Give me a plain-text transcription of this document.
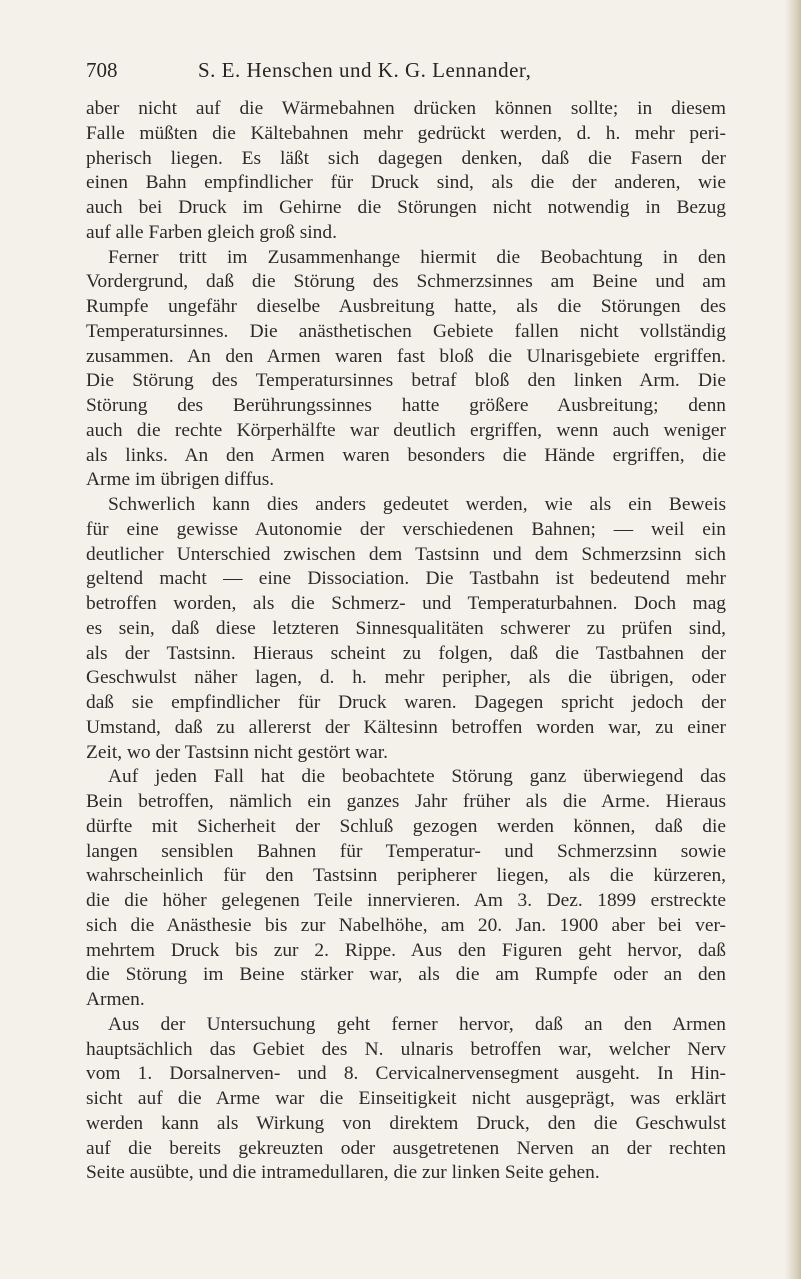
708	S. E. Henschen und K. G. Lennander,
aber nicht auf die Wärmebahnen drücken können sollte; in diesem
Falle müßten die Kältebahnen mehr gedrückt werden, d. h. mehr peri-
pherisch liegen. Es läßt sich dagegen denken, daß die Fasern der
einen Bahn empfindlicher für Druck sind, als die der anderen, wie
auch bei Druck im Gehirne die Störungen nicht notwendig in Bezug
auf alle Farben gleich groß sind.
Ferner tritt im Zusammenhange hiermit die Beobachtung in den
Vordergrund, daß die Störung des Schmerzsinnes am Beine und am
Rumpfe ungefähr dieselbe Ausbreitung hatte, als die Störungen des
Temperatursinnes. Die anästhetischen Gebiete fallen nicht vollständig
zusammen. An den Armen waren fast bloß die Ulnarisgebiete ergriffen.
Die Störung des Temperatursinnes betraf bloß den linken Arm. Die
Störung des Berührungssinnes hatte größere Ausbreitung; denn
auch die rechte Körperhälfte war deutlich ergriffen, wenn auch weniger
als links. An den Armen waren besonders die Hände ergriffen, die
Arme im übrigen diffus.
Schwerlich kann dies anders gedeutet werden, wie als ein Beweis
für eine gewisse Autonomie der verschiedenen Bahnen; — weil ein
deutlicher Unterschied zwischen dem Tastsinn und dem Schmerzsinn sich
geltend macht — eine Dissociation. Die Tastbahn ist bedeutend mehr
betroffen worden, als die Schmerz- und Temperaturbahnen. Doch mag
es sein, daß diese letzteren Sinnesqualitäten schwerer zu prüfen sind,
als der Tastsinn. Hieraus scheint zu folgen, daß die Tastbahnen der
Geschwulst näher lagen, d. h. mehr peripher, als die übrigen, oder
daß sie empfindlicher für Druck waren. Dagegen spricht jedoch der
Umstand, daß zu allererst der Kältesinn betroffen worden war, zu einer
Zeit, wo der Tastsinn nicht gestört war.
Auf jeden Fall hat die beobachtete Störung ganz überwiegend das
Bein betroffen, nämlich ein ganzes Jahr früher als die Arme. Hieraus
dürfte mit Sicherheit der Schluß gezogen werden können, daß die
langen sensiblen Bahnen für Temperatur- und Schmerzsinn sowie
wahrscheinlich für den Tastsinn peripherer liegen, als die kürzeren,
die die höher gelegenen Teile innervieren. Am 3. Dez. 1899 erstreckte
sich die Anästhesie bis zur Nabelhöhe, am 20. Jan. 1900 aber bei ver-
mehrtem Druck bis zur 2. Rippe. Aus den Figuren geht hervor, daß
die Störung im Beine stärker war, als die am Rumpfe oder an den
Armen.
Aus der Untersuchung geht ferner hervor, daß an den Armen
hauptsächlich das Gebiet des N. ulnaris betroffen war, welcher Nerv
vom 1. Dorsalnerven- und 8. Cervicalnervensegment ausgeht. In Hin-
sicht auf die Arme war die Einseitigkeit nicht ausgeprägt, was erklärt
werden kann als Wirkung von direktem Druck, den die Geschwulst
auf die bereits gekreuzten oder ausgetretenen Nerven an der rechten
Seite ausübte, und die intramedullaren, die zur linken Seite gehen.
